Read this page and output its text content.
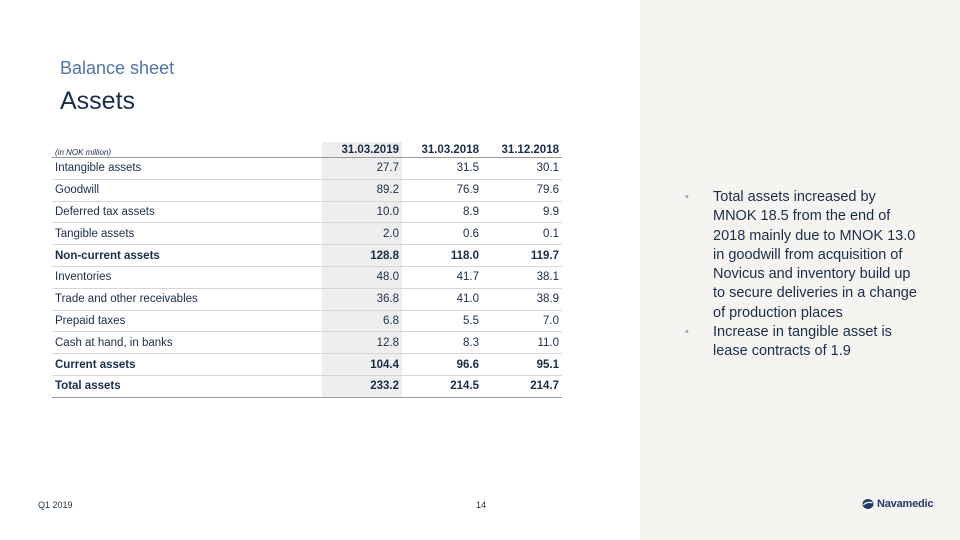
Balance sheet
Assets
(in NOK million)	31.03.2019	31.03.2018	31.12.2018
Intangible assets	27.7	31.5	30.1
Goodwill	89.2	76.9	79.6
Deferred tax assets	10.0	8.9	9.9
Tangible assets	2.0	0.6	0.1
Non-current assets	128.8	118.0	119.7
Inventories	48.0	41.7	38.1
Trade and other receivables	36.8	41.0	38.9
Prepaid taxes	6.8	5.5	7.0
Cash at hand, in banks	12.8	8.3	11.0
Current assets	104.4	96.6	95.1
Total assets	233.2	214.5	214.7
• Total assets increased by MNOK 18.5 from the end of 2018 mainly due to MNOK 13.0 in goodwill from acquisition of Novicus and inventory build up to secure deliveries in a change of production places
• Increase in tangible asset is lease contracts of 1.9
Q1 2019	14	Navamedic
